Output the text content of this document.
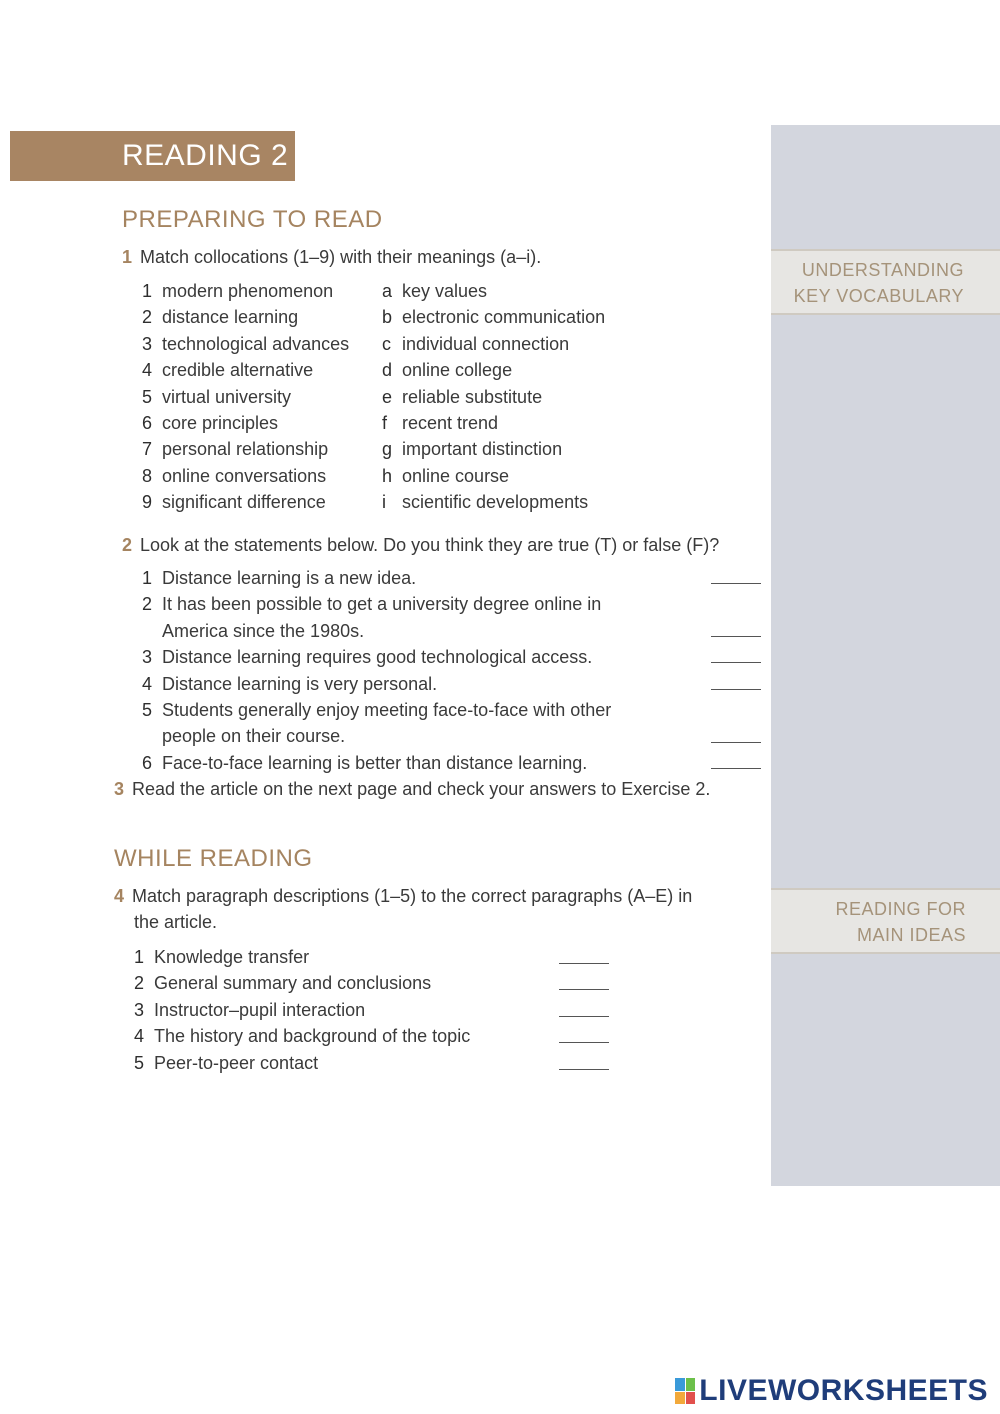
UNDERSTANDING
KEY VOCABULARY
READING FOR
MAIN IDEAS
READING 2
PREPARING TO READ
1 Match collocations (1–9) with their meanings (a–i).
1 modern phenomenon	a key values
2 distance learning	b electronic communication
3 technological advances	c individual connection
4 credible alternative	d online college
5 virtual university	e reliable substitute
6 core principles	f recent trend
7 personal relationship	g important distinction
8 online conversations	h online course
9 significant difference	i scientific developments
2 Look at the statements below. Do you think they are true (T) or false (F)?
1 Distance learning is a new idea.
2 It has been possible to get a university degree online in America since the 1980s.
3 Distance learning requires good technological access.
4 Distance learning is very personal.
5 Students generally enjoy meeting face-to-face with other people on their course.
6 Face-to-face learning is better than distance learning.
3 Read the article on the next page and check your answers to Exercise 2.
WHILE READING
4 Match paragraph descriptions (1–5) to the correct paragraphs (A–E) in the article.
1 Knowledge transfer
2 General summary and conclusions
3 Instructor–pupil interaction
4 The history and background of the topic
5 Peer-to-peer contact
LIVEWORKSHEETS
